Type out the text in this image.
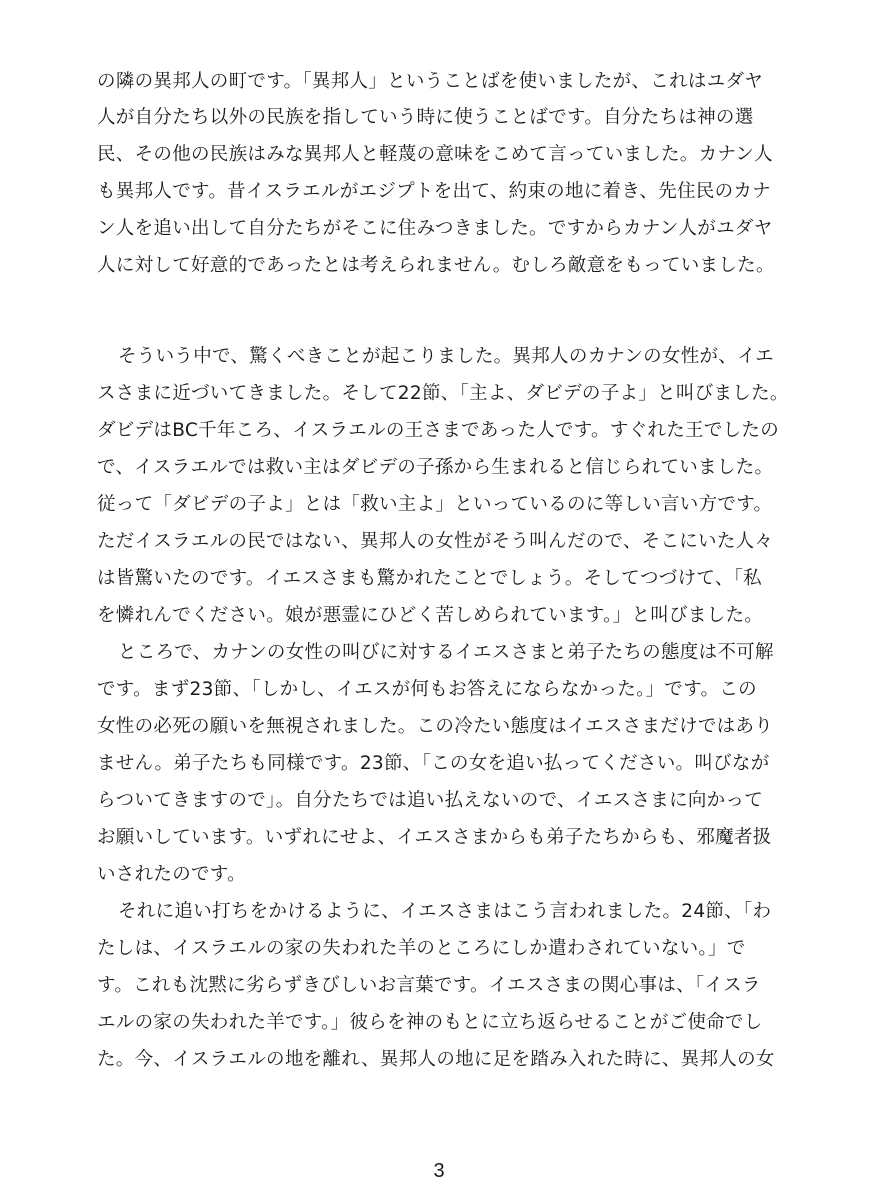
の隣の異邦人の町です。「異邦人」ということばを使いましたが、これはユダヤ
人が自分たち以外の民族を指していう時に使うことばです。自分たちは神の選
民、その他の民族はみな異邦人と軽蔑の意味をこめて言っていました。カナン人
も異邦人です。昔イスラエルがエジプトを出て、約束の地に着き、先住民のカナ
ン人を追い出して自分たちがそこに住みつきました。ですからカナン人がユダヤ
人に対して好意的であったとは考えられません。むしろ敵意をもっていました。
そういう中で、驚くべきことが起こりました。異邦人のカナンの女性が、イエ
スさまに近づいてきました。そして22節、「主よ、ダビデの子よ」と叫びました。
ダビデはBC千年ころ、イスラエルの王さまであった人です。すぐれた王でしたの
で、イスラエルでは救い主はダビデの子孫から生まれると信じられていました。
従って「ダビデの子よ」とは「救い主よ」といっているのに等しい言い方です。
ただイスラエルの民ではない、異邦人の女性がそう叫んだので、そこにいた人々
は皆驚いたのです。イエスさまも驚かれたことでしょう。そしてつづけて、「私
を憐れんでください。娘が悪霊にひどく苦しめられています。」と叫びました。
ところで、カナンの女性の叫びに対するイエスさまと弟子たちの態度は不可解
です。まず23節、「しかし、イエスが何もお答えにならなかった。」です。この
女性の必死の願いを無視されました。この冷たい態度はイエスさまだけではあり
ません。弟子たちも同様です。23節、「この女を追い払ってください。叫びなが
らついてきますので」。自分たちでは追い払えないので、イエスさまに向かって
お願いしています。いずれにせよ、イエスさまからも弟子たちからも、邪魔者扱
いされたのです。
それに追い打ちをかけるように、イエスさまはこう言われました。24節、「わ
たしは、イスラエルの家の失われた羊のところにしか遣わされていない。」で
す。これも沈黙に劣らずきびしいお言葉です。イエスさまの関心事は、「イスラ
エルの家の失われた羊です。」彼らを神のもとに立ち返らせることがご使命でし
た。今、イスラエルの地を離れ、異邦人の地に足を踏み入れた時に、異邦人の女
3
